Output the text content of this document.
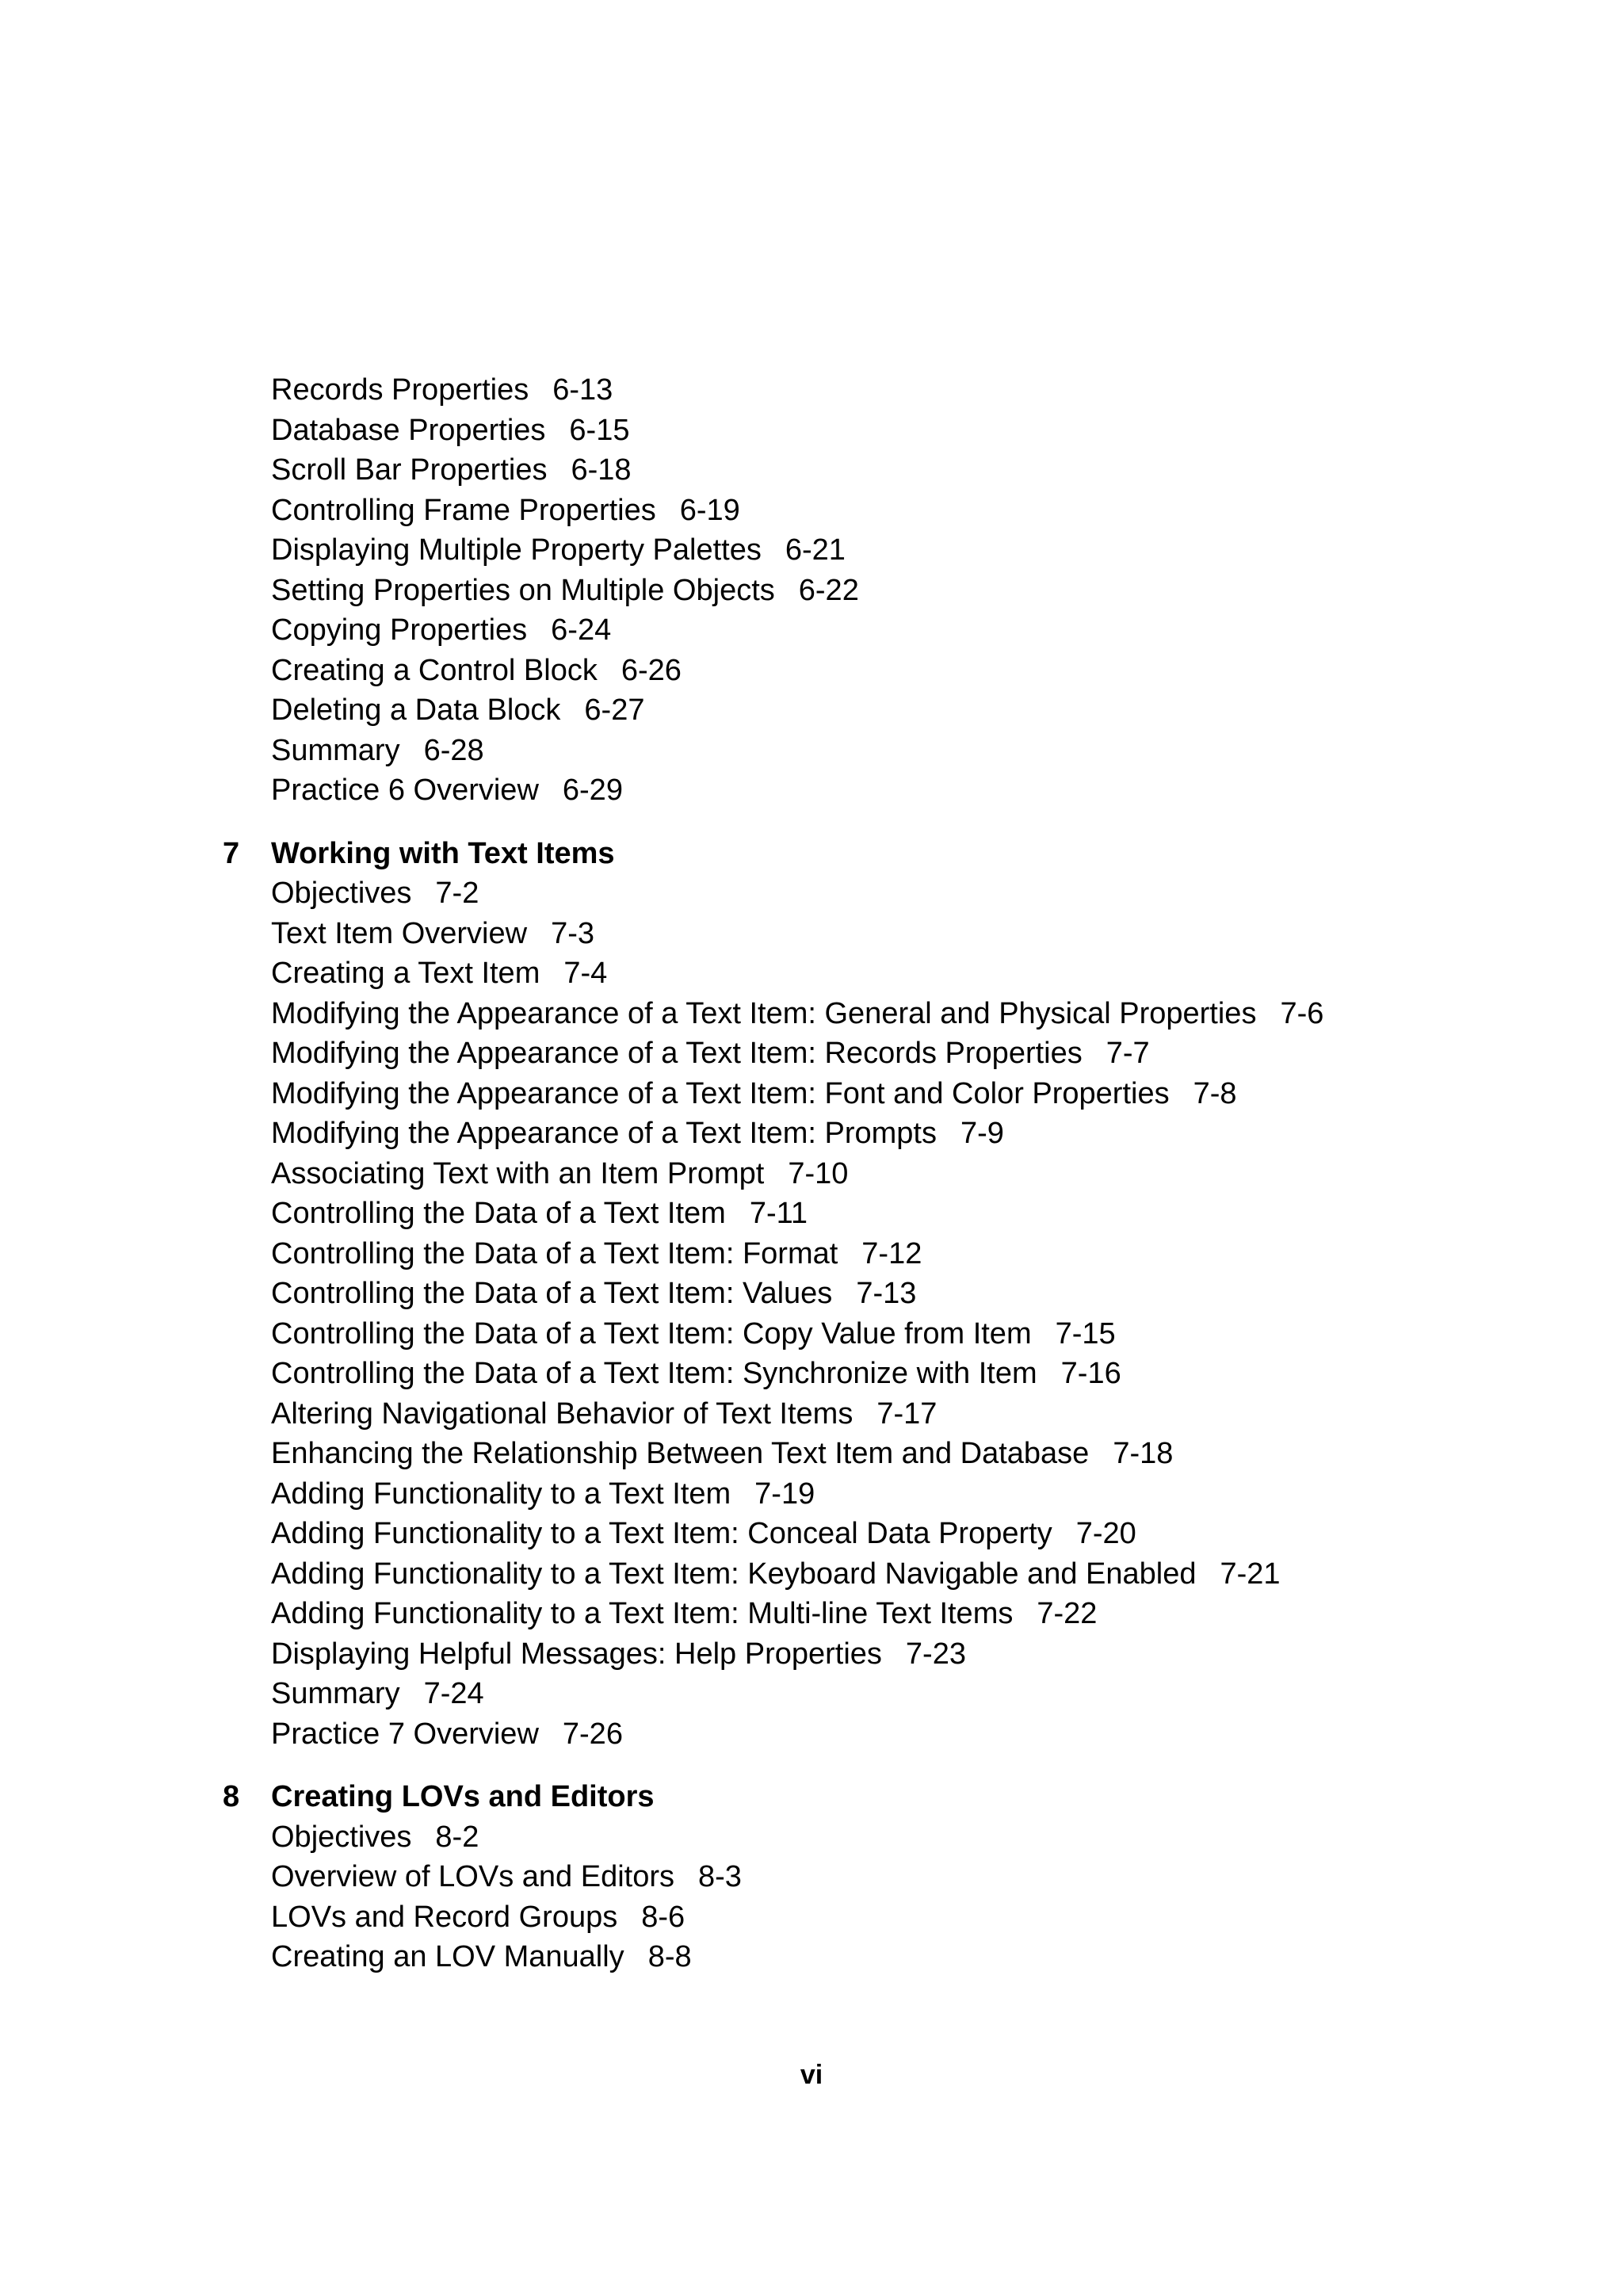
Records Properties 6-13
Database Properties 6-15
Scroll Bar Properties 6-18
Controlling Frame Properties 6-19
Displaying Multiple Property Palettes 6-21
Setting Properties on Multiple Objects 6-22
Copying Properties 6-24
Creating a Control Block 6-26
Deleting a Data Block 6-27
Summary 6-28
Practice 6 Overview 6-29
7 Working with Text Items
Objectives 7-2
Text Item Overview 7-3
Creating a Text Item 7-4
Modifying the Appearance of a Text Item: General and Physical Properties 7-6
Modifying the Appearance of a Text Item: Records Properties 7-7
Modifying the Appearance of a Text Item: Font and Color Properties 7-8
Modifying the Appearance of a Text Item: Prompts 7-9
Associating Text with an Item Prompt 7-10
Controlling the Data of a Text Item 7-11
Controlling the Data of a Text Item: Format 7-12
Controlling the Data of a Text Item: Values 7-13
Controlling the Data of a Text Item: Copy Value from Item 7-15
Controlling the Data of a Text Item: Synchronize with Item 7-16
Altering Navigational Behavior of Text Items 7-17
Enhancing the Relationship Between Text Item and Database 7-18
Adding Functionality to a Text Item 7-19
Adding Functionality to a Text Item: Conceal Data Property 7-20
Adding Functionality to a Text Item: Keyboard Navigable and Enabled 7-21
Adding Functionality to a Text Item: Multi-line Text Items 7-22
Displaying Helpful Messages: Help Properties 7-23
Summary 7-24
Practice 7 Overview 7-26
8 Creating LOVs and Editors
Objectives 8-2
Overview of LOVs and Editors 8-3
LOVs and Record Groups 8-6
Creating an LOV Manually 8-8
vi
